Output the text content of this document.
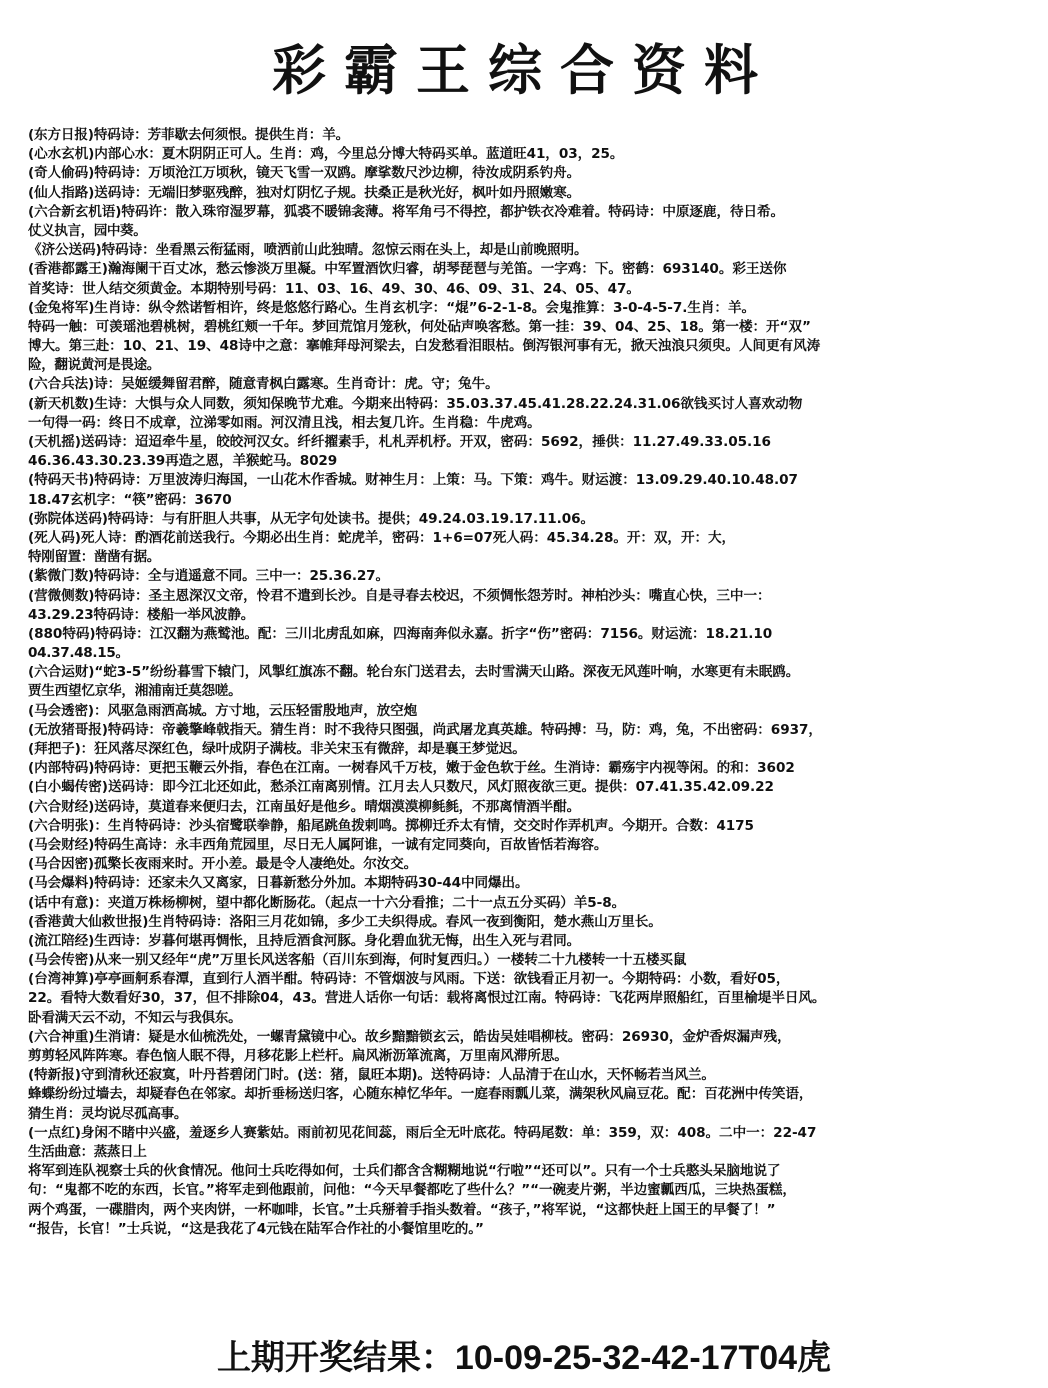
彩霸王综合资料
(东方日报)特码诗：芳菲歇去何须恨。提供生肖：羊。
(心水玄机)内部心水：夏木阴阴正可人。生肖：鸡，今里总分博大特码买单。蓝道旺41，03，25。
(奇人偷码)特码诗：万顷沧江万顷秋，镜天飞雪一双鸥。摩挲数尺沙边柳，待汝成阴系钓舟。
(仙人指路)送码诗：无端旧梦驱残醉，独对灯阴忆子规。扶桑正是秋光好，枫叶如丹照嫩寒。
(六合新玄机语)特码许：散入珠帘湿罗幕，狐裘不暖锦衾薄。将军角弓不得控，都护铁衣冷难着。特码诗：中原逐鹿，待日希。
仗义执言，园中葵。
《济公送码)特码诗：坐看黑云衔猛雨，喷洒前山此独晴。忽惊云雨在头上，却是山前晚照明。
(香港都露王)瀚海阑干百丈冰，愁云惨淡万里凝。中军置酒饮归睿，胡琴琵琶与羌笛。一字鸡：下。密鹤：693140。彩王送你
首奖诗：世人结交须黄金。本期特别号码：11、03、16、49、30、46、09、31、24、05、47。
(金兔将军)生肖诗：纵令然诺暂相许，终是悠悠行路心。生肖玄机字：“焜”6-2-1-8。会鬼推算：3-0-4-5-7.生肖：羊。
特码一触：可羡瑶池碧桃树，碧桃红颊一千年。梦回荒馆月笼秋，何处砧声唤客愁。第一挂：39、04、25、18。第一楼：开“双”
博大。第三赴：10、21、19、48诗中之意：搴帷拜母河梁去，白发愁看泪眼枯。倒泻银河事有无，掀天浊浪只须臾。人间更有风涛
险，翻说黄河是畏途。
(六合兵法)诗：吴姬缓舞留君醉，随意青枫白露寒。生肖奇计：虎。守；兔牛。
(新天机数)生诗：大惧与众人同数，须知保晚节尤难。今期来出特码：35.03.37.45.41.28.22.24.31.06欲钱买讨人喜欢动物
一句得一码：终日不成章，泣涕零如雨。河汉清且浅，相去复几许。生肖稳：牛虎鸡。
(天机摇)送码诗：迢迢牵牛星，皎皎河汉女。纤纤擢素手，札札弄机杼。开双，密码：5692，捶供：11.27.49.33.05.16
46.36.43.30.23.39再造之恩，羊猴蛇马。8029
(特码天书)特码诗：万里波涛归海国，一山花木作香城。财神生月：上策：马。下策：鸡牛。财运渡：13.09.29.40.10.48.07
18.47玄机字：“筷”密码：3670
(弥院体送码)特码诗：与有肝胆人共事，从无字句处读书。提供；49.24.03.19.17.11.06。
(死人码)死人诗：酌酒花前送我行。今期必出生肖：蛇虎羊，密码：1+6=07死人码：45.34.28。开：双，开：大，
特刚留置：凿凿有据。
(紫微门数)特码诗：全与逍遥意不同。三中一：25.36.27。
(营微侧数)特码诗：圣主恩深汉文帝，怜君不遣到长沙。自是寻春去校迟，不须惆怅怨芳时。神柏沙头：嘴直心快，三中一：
43.29.23特码诗：楼船一举风波静。
(880特码)特码诗：江汉翻为燕鹫池。配：三川北虏乱如麻，四海南奔似永嘉。折字“伤”密码：7156。财运流：18.21.10
04.37.48.15。
(六合运财)“蛇3-5”纷纷暮雪下辕门，风掣红旗冻不翻。轮台东门送君去，去时雪满天山路。深夜无风莲叶响，水寒更有未眠鸥。
贾生西望忆京华，湘浦南迁莫怨嗟。
(马会透密)：风驱急雨洒高城。方寸地，云压轻雷殷地声，放空炮
(无放猪哥报)特码诗：帝羲擎峰戟指天。猜生肖：时不我待只图强，尚武屠龙真英雄。特码搏：马，防：鸡，兔，不出密码：6937，
(拜把子)：狂风落尽深红色，绿叶成阴子满枝。非关宋玉有微辞，却是襄王梦觉迟。
(内部特码)特码诗：更把玉鞭云外指，春色在江南。一树春风千万枝，嫩于金色软于丝。生消诗：霸殇宇内视等闲。的和：3602
(白小蝎传密)送码诗：即今江北还如此，愁杀江南离别情。江月去人只数尺，风灯照夜欲三更。提供：07.41.35.42.09.22
(六合财经)送码诗，莫道春来便归去，江南虽好是他乡。晴烟漠漠柳毵毵，不那离情酒半酣。
(六合明张)：生肖特码诗：沙头宿鹭联拳静，船尾跳鱼拨剌鸣。掷柳迁乔太有情，交交时作弄机声。今期开。合数：4175
(马会财经)特码生高诗：永丰西角荒园里，尽日无人属阿谁，一诚有定同葵向，百故皆恬若海容。
(马合因密)孤檠长夜雨来时。开小差。最是令人凄绝处。尔汝交。
(马会爆料)特码诗：还家未久又离家，日暮新愁分外加。本期特码30-44中同爆出。
(话中有意)：夹道万株杨柳树，望中都化断肠花。（起点一十六分看推；二十一点五分买码）羊5-8。
(香港黄大仙救世报)生肖特码诗：洛阳三月花如锦，多少工夫织得成。春风一夜到衡阳，楚水燕山万里长。
(流江陪经)生西诗：岁暮何堪再惆怅，且持卮酒食河豚。身化碧血犹无悔，出生入死与君同。
(马会传密)从来一别又经年“虎”万里长风送客船（百川东到海，何时复西归。）一楼转二十九楼转一十五楼买鼠
(台湾神算)亭亭画舸系春潭，直到行人酒半酣。特码诗：不管烟波与风雨。下送：欲钱看正月初一。今期特码：小数，看好05，
22。看特大数看好30，37，但不排除04，43。营进人话你一句话：载将离恨过江南。特码诗：飞花两岸照船红，百里榆堤半日风。
卧看满天云不动，不知云与我俱东。
(六合神重)生消请：疑是水仙梳洗处，一螺青黛镜中心。故乡黯黯锁玄云，皓齿吴娃唱柳枝。密码：26930，金炉香烬漏声残，
剪剪轻风阵阵寒。春色恼人眠不得，月移花影上栏杆。扁风淅沥箪流离，万里南风滞所思。
(特新报)守到清秋还寂寞，叶丹苔碧闭门时。(送：猪，鼠旺本期)。送特码诗：人品清于在山水，天怀畅若当风兰。
蜂蝶纷纷过墙去，却疑春色在邻家。却折垂杨送归客，心随东棹忆华年。一庭春雨瓢儿菜，满架秋风扁豆花。配：百花洲中传笑语，
猜生肖：灵均说尽孤高事。
(一点红)身闲不睹中兴盛，羞逐乡人赛紫姑。雨前初见花间蕊，雨后全无叶底花。特码尾数：单：359，双：408。二中一：22-47
生活曲意：蒸蒸日上
将军到连队视察士兵的伙食情况。他问士兵吃得如何，士兵们都含含糊糊地说“行啦”“还可以”。只有一个士兵憨头呆脑地说了
句：“鬼都不吃的东西，长官。”将军走到他跟前，问他：“今天早餐都吃了些什么？”“一碗麦片粥，半边蜜瓤西瓜，三块热蛋糕，
两个鸡蛋，一碟腊肉，两个夹肉饼，一杯咖啡，长官。”士兵掰着手指头数着。“孩子，”将军说，“这都快赶上国王的早餐了！”
“报告，长官！”士兵说，“这是我花了4元钱在陆军合作社的小餐馆里吃的。”
上期开奖结果：10-09-25-32-42-17T04虎
